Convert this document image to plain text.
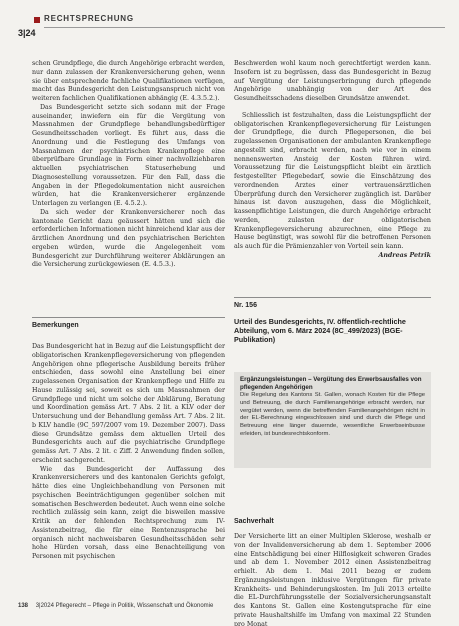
RECHTSPRECHUNG
3|24

schen Grundpflege, die durch Angehörige erbracht werden, nur dann zulassen der Krankenversicherung gehen, wenn sie über entsprechende fachliche Qualifikationen verfügen, macht das Bundesgericht den Leistungsanspruch nicht von weiteren fachlichen Qualifikationen abhängig (E. 4.3.5.2.).

Das Bundesgericht setzte sich sodann mit der Frage auseinander, inwiefern ein für die Vergütung von Massnahmen der Grundpflege behandlungsbedürftiger Gesundheitsschaden vorliegt. Es führt aus, dass die Anordnung und die Festlegung des Umfangs von Massnahmen der psychiatrischen Krankenpflege eine überprüfbare Grundlage in Form einer nachvollziehbaren aktuellen psychiatrischen Statuserhebung und Diagnosestellung voraussetzen. Für den Fall, dass die Angaben in der Pflegedokumentation nicht ausreichen würden, hat die Krankenversicherer ergänzende Unterlagen zu verlangen (E. 4.5.2.).

Da sich weder der Krankenversicherer noch das kantonale Gericht dazu geäussert hätten und sich die erforderlichen Informationen nicht hinreichend klar aus der ärztlichen Anordnung und den psychiatrischen Berichten ergeben würden, wurde die Angelegenheit vom Bundesgericht zur Durchführung weiterer Abklärungen an die Versicherung zurückgewiesen (E. 4.5.3.).

Bemerkungen

Das Bundesgericht hat in Bezug auf die Leistungspflicht der obligatorischen Krankenpflegeversicherung von pflegenden Angehörigen ohne pflegerische Ausbildung bereits früher entschieden, dass sowohl eine Anstellung bei einer zugelassenen Organisation der Krankenpflege und Hilfe zu Hause zulässig sei, soweit es sich um Massnahmen der Grundpflege und nicht um solche der Abklärung, Beratung und Koordination gemäss Art. 7 Abs. 2 lit. a KLV oder der Untersuchung und der Behandlung gemäss Art. 7 Abs. 2 lit. b KLV handle (9C_597/2007 vom 19. Dezember 2007). Dass diese Grundsätze gemäss dem aktuellen Urteil des Bundesgerichts auch auf die psychiatrische Grundpflege gemäss Art. 7 Abs. 2 lit. c Ziff. 2 Anwendung finden sollen, erscheint sachgerecht.

Wie das Bundesgericht der Auffassung des Krankenversicherers und des kantonalen Gerichts gefolgt, hätte dies eine Ungleichbehandlung von Personen mit psychischen Beeinträchtigungen gegenüber solchen mit somatischen Beschwerden bedeutet. Auch wenn eine solche rechtlich zulässig sein kann, zeigt die bisweilen massive Kritik an der fehlenden Rechtsprechung zum IV-Assistenzbeitrag, die für eine Rentenzusprache bei organisch nicht nachweisbaren Gesundheitsschäden sehr hohe Hürden vorsah, dass eine Benachteiligung von Personen mit psychischen

Beschwerden wohl kaum noch gerechtfertigt werden kann. Insofern ist zu begrüssen, dass das Bundesgericht in Bezug auf Vergütung der Leistungserbringung durch pflegende Angehörige unabhängig von der Art des Gesundheitsschadens dieselben Grundsätze anwendet.

Schliesslich ist festzuhalten, dass die Leistungspflicht der obligatorischen Krankenpflegeversicherung für Leistungen der Grundpflege, die durch Pflegepersonen, die bei zugelassenen Organisationen der ambulanten Krankenpflege angestellt sind, erbracht werden, nach wie vor in einem nennenswerten Ansteig der Kosten führen wird. Voraussetzung für die Leistungspflicht bleibt ein ärztlich festgestellter Pflegebedarf, sowie die Einschätzung des verordnenden Arztes einer vertrauensärztlichen Überprüfung durch den Versicherer zugänglich ist. Darüber hinaus ist davon auszugehen, dass die Möglichkeit, kassenpflichtige Leistungen, die durch Angehörige erbracht werden, zulasten der obligatorischen Krankenpflegeversicherung abzurechnen, eine Pflege zu Hause begünstigt, was sowohl für die betroffenen Personen als auch für die Prämienzahler von Vorteil sein kann.

Andreas Petrik

Nr. 156
Urteil des Bundesgerichts, IV. öffentlich-rechtliche Abteilung, vom 6. März 2024 (8C_499/2023) (BGE-Publikation)
Ergänzungsleistungen – Vergütung des Erwerbsausfalles von pflegenden Angehörigen
Die Regelung des Kantons St. Gallen, wonach Kosten für die Pflege und Betreuung, die durch Familienangehörige erbracht werden, nur vergütet werden, wenn die betreffenden Familienangehörigen nicht in der EL-Berechnung eingeschlossen sind und durch die Pflege und Betreuung eine länger dauernde, wesentliche Erwerbseinbusse erleiden, ist bundesrechtskonform.
Sachverhalt

Der Versicherte litt an einer Multiplen Sklerose, weshalb er von der Invalidenversicherung ab dem 1. September 2006 eine Entschädigung bei einer Hilflosigkeit schweren Grades und ab dem 1. November 2012 einen Assistenzbeitrag erhielt. Ab dem 1. Mai 2011 bezog er zudem Ergänzungsleistungen inklusive Vergütungen für private Krankheits- und Behinderungskosten. Im Juli 2013 erteilte die EL-Durchführungsstelle der Sozialversicherungsanstalt des Kantons St. Gallen eine Kostengutsprache für eine private Haushaltshilfe im Umfang von maximal 22 Stunden pro Monat

138 3|2024 Pflegerecht – Pflege in Politik, Wissenschaft und Ökonomie
